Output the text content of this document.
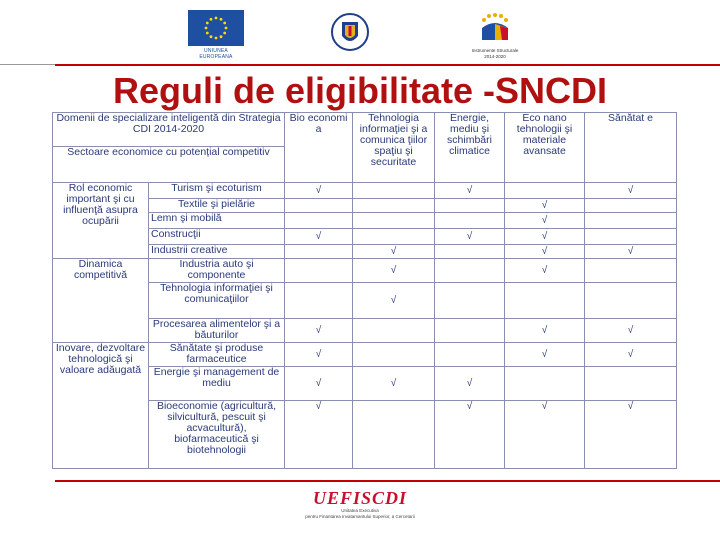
UNIUNEA EUROPEANA
Instrumente Structurale
2014-2020
Reguli de eligibilitate -SNCDI
Domenii de specializare inteligentă din Strategia CDI 2014-2020		Bio economi a	Tehnologia informaţiei şi a comunica ţiilor spaţiu şi securitate	Energie, mediu şi schimbări climatice	Eco nano tehnologii şi materiale avansate	Sănătat e
Sectoare economice cu potențial competitiv						
Rol economic important şi cu influenţă asupra ocupării	Turism şi ecoturism	√		√		√
	Textile şi pielărie				√	
	Lemn şi mobilă				√	
	Construcţii	√		√	√	
	Industrii creative		√		√	√
Dinamica competitivă	Industria auto şi componente		√		√	
	Tehnologia informaţiei şi comunicaţiilor		√			
	Procesarea alimentelor şi a băuturilor	√			√	√
Inovare, dezvoltare tehnologică şi valoare adăugată	Sănătate şi produse farmaceutice	√			√	√
	Energie şi management de mediu	√	√	√		
	Bioeconomie (agricultură, silvicultură, pescuit şi acvacultură), biofarmaceutică şi biotehnologii	√		√	√	√
UEFISCDI
Unitatea Executiva
pentru Finantarea Invatamantului Superior, a Cercetarii
